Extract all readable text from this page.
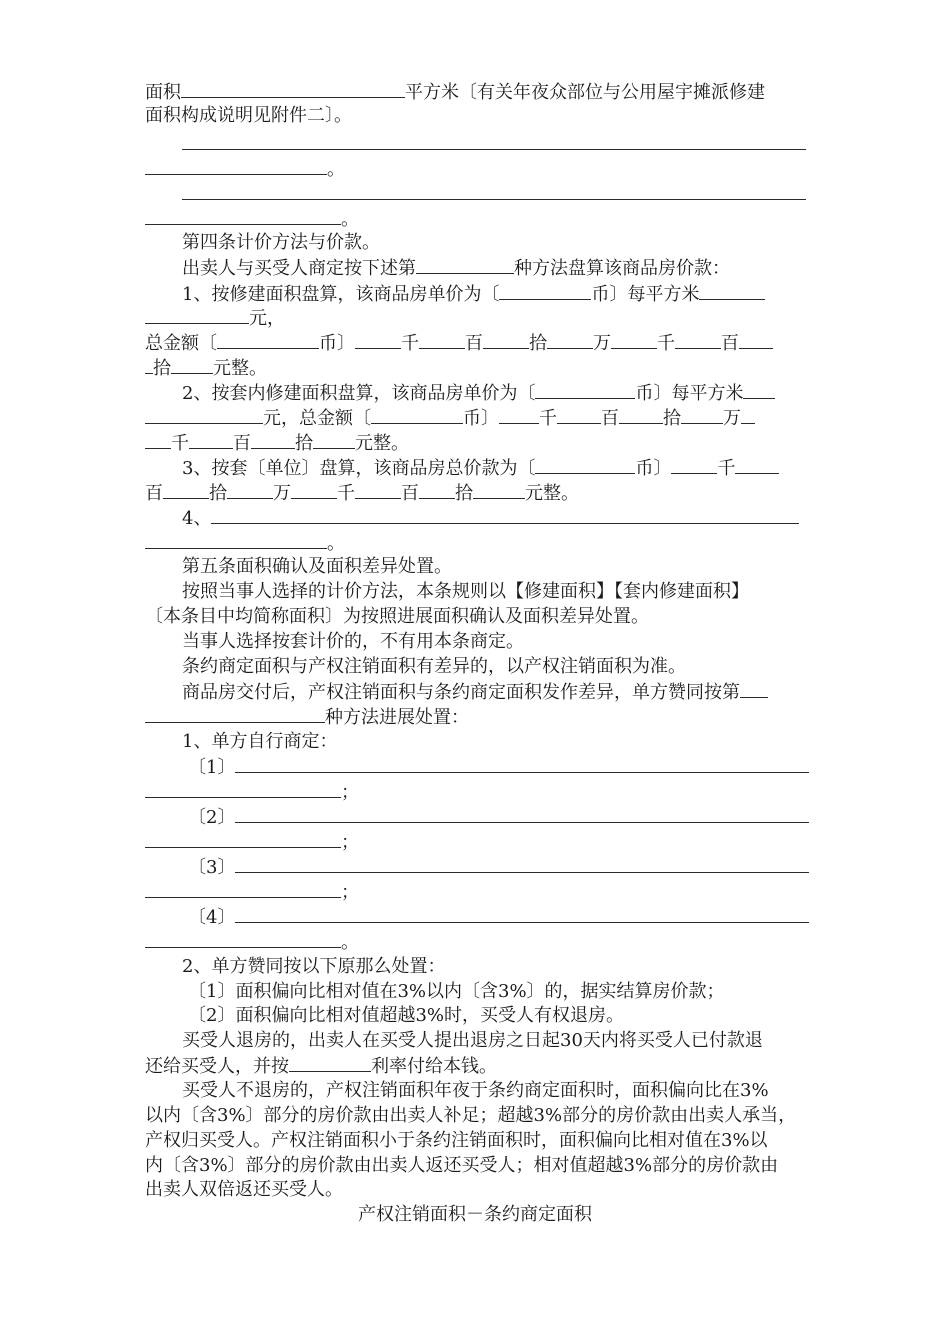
面积	平方米〔有关年夜众部位与公用屋宇摊派修建
面积构成说明见附件二〕。
。
。
第四条计价方法与价款。
出卖人与买受人商定按下述第	种方法盘算该商品房价款：
1、按修建面积盘算，该商品房单价为〔	币〕每平方米
元，
总金额〔	币〕	千	百	拾	万	千	百
拾 元整。
2、按套内修建面积盘算，该商品房单价为〔	币〕每平方米
元，总金额〔	币〕 千 百 拾 万
千 百 拾 元整。
3、按套〔单位〕盘算，该商品房总价款为〔	币〕	千
百	拾	万	千	百 拾	元整。
4、
。
第五条面积确认及面积差异处置。
按照当事人选择的计价方法，本条规则以【修建面积】【套内修建面积】
〔本条目中均简称面积〕为按照进展面积确认及面积差异处置。
当事人选择按套计价的，不有用本条商定。
条约商定面积与产权注销面积有差异的，以产权注销面积为准。
商品房交付后，产权注销面积与条约商定面积发作差异，单方赞同按第
种方法进展处置：
1、单方自行商定：
〔1〕
；
〔2〕
；
〔3〕
；
〔4〕
。
2、单方赞同按以下原那么处置：
〔1〕面积偏向比相对值在3%以内〔含3%〕的，据实结算房价款；
〔2〕面积偏向比相对值超越3%时，买受人有权退房。
买受人退房的，出卖人在买受人提出退房之日起30天内将买受人已付款退
还给买受人，并按	利率付给本钱。
买受人不退房的，产权注销面积年夜于条约商定面积时，面积偏向比在3%
以内〔含3%〕部分的房价款由出卖人补足；超越3%部分的房价款由出卖人承当，
产权归买受人。产权注销面积小于条约注销面积时，面积偏向比相对值在3%以
内〔含3%〕部分的房价款由出卖人返还买受人；相对值超越3%部分的房价款由
出卖人双倍返还买受人。
产权注销面积－条约商定面积
